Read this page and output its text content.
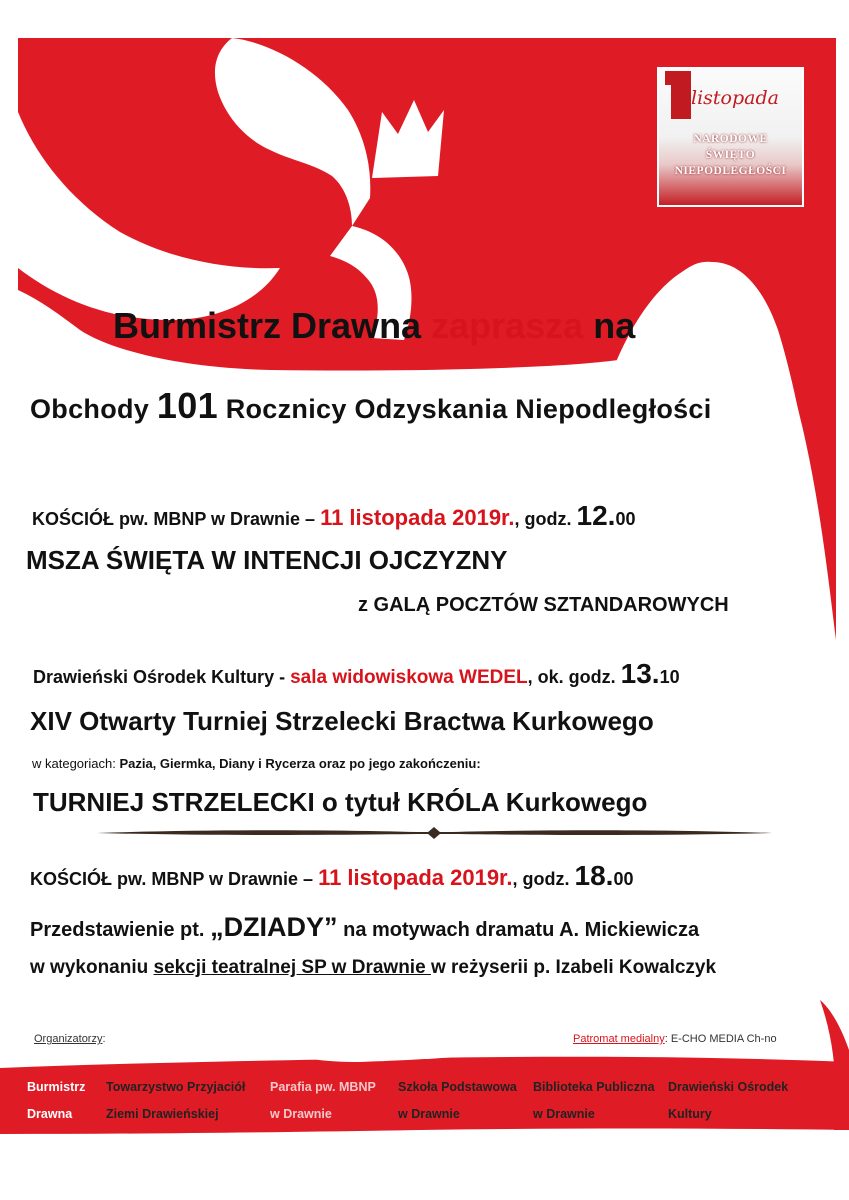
listopada
NARODOWE
ŚWIĘTO
NIEPODLEGŁOŚCI
Burmistrz Drawna zaprasza na
Obchody 101 Rocznicy Odzyskania Niepodległości
KOŚCIÓŁ pw. MBNP w Drawnie – 11 listopada 2019r., godz. 12.00
MSZA ŚWIĘTA W INTENCJI OJCZYZNY
z GALĄ POCZTÓW SZTANDAROWYCH
Drawieński Ośrodek Kultury - sala widowiskowa WEDEL, ok. godz. 13.10
XIV Otwarty Turniej Strzelecki Bractwa Kurkowego
w kategoriach: Pazia, Giermka, Diany i Rycerza oraz po jego zakończeniu:
TURNIEJ STRZELECKI o tytuł KRÓLA Kurkowego
KOŚCIÓŁ pw. MBNP w Drawnie – 11 listopada 2019r., godz. 18.00
Przedstawienie pt. „DZIADY” na motywach dramatu A. Mickiewicza
w wykonaniu sekcji teatralnej SP w Drawnie w reżyserii p. Izabeli Kowalczyk
Organizatorzy:	Patromat medialny: E-CHO MEDIA Ch-no
Burmistrz
Drawna
Towarzystwo Przyjaciół
Ziemi Drawieńskiej
Parafia pw. MBNP
w Drawnie
Szkoła Podstawowa
w Drawnie
Biblioteka Publiczna
w Drawnie
Drawieński Ośrodek
Kultury
